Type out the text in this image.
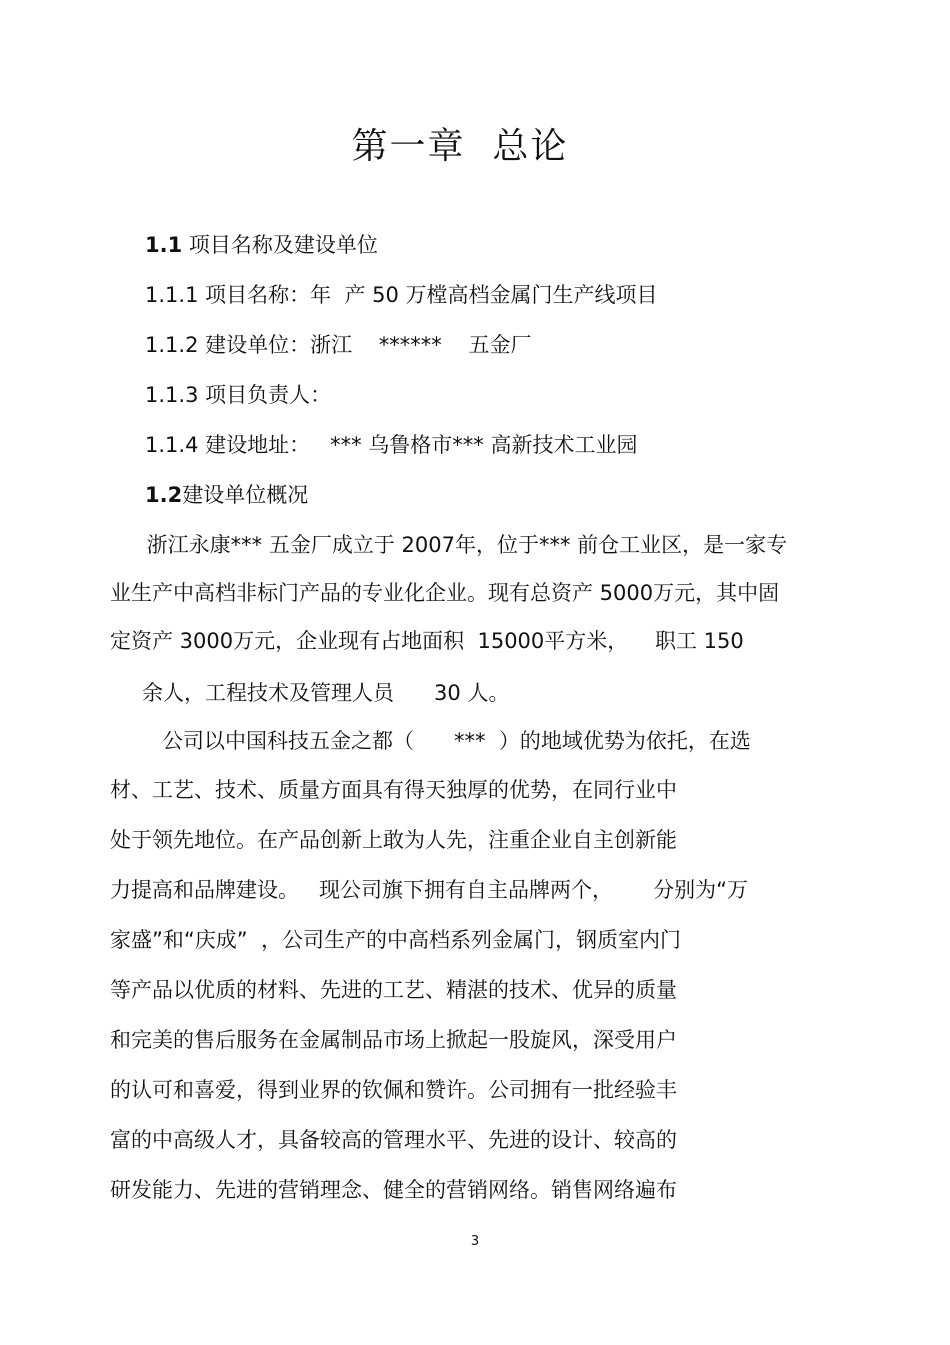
第一章  总论
1.1 项目名称及建设单位
1.1.1 项目名称：年  产 50 万樘高档金属门生产线项目
1.1.2 建设单位：浙江    ******    五金厂
1.1.3 项目负责人：
1.1.4 建设地址：   *** 乌鲁格市*** 高新技术工业园
1.2建设单位概况
浙江永康*** 五金厂成立于 2007年，位于*** 前仓工业区，是一家专
业生产中高档非标门产品的专业化企业。现有总资产 5000万元，其中固
定资产 3000万元，企业现有占地面积  15000平方米，    职工 150
余人，工程技术及管理人员      30 人。
公司以中国科技五金之都（      ***  ）的地域优势为依托，在选
材、工艺、技术、质量方面具有得天独厚的优势，在同行业中
处于领先地位。在产品创新上敢为人先，注重企业自主创新能
力提高和品牌建设。   现公司旗下拥有自主品牌两个，      分别为“万
家盛”和“庆成”  ，公司生产的中高档系列金属门，钢质室内门
等产品以优质的材料、先进的工艺、精湛的技术、优异的质量
和完美的售后服务在金属制品市场上掀起一股旋风，深受用户
的认可和喜爱，得到业界的钦佩和赞许。公司拥有一批经验丰
富的中高级人才，具备较高的管理水平、先进的设计、较高的
研发能力、先进的营销理念、健全的营销网络。销售网络遍布
3
